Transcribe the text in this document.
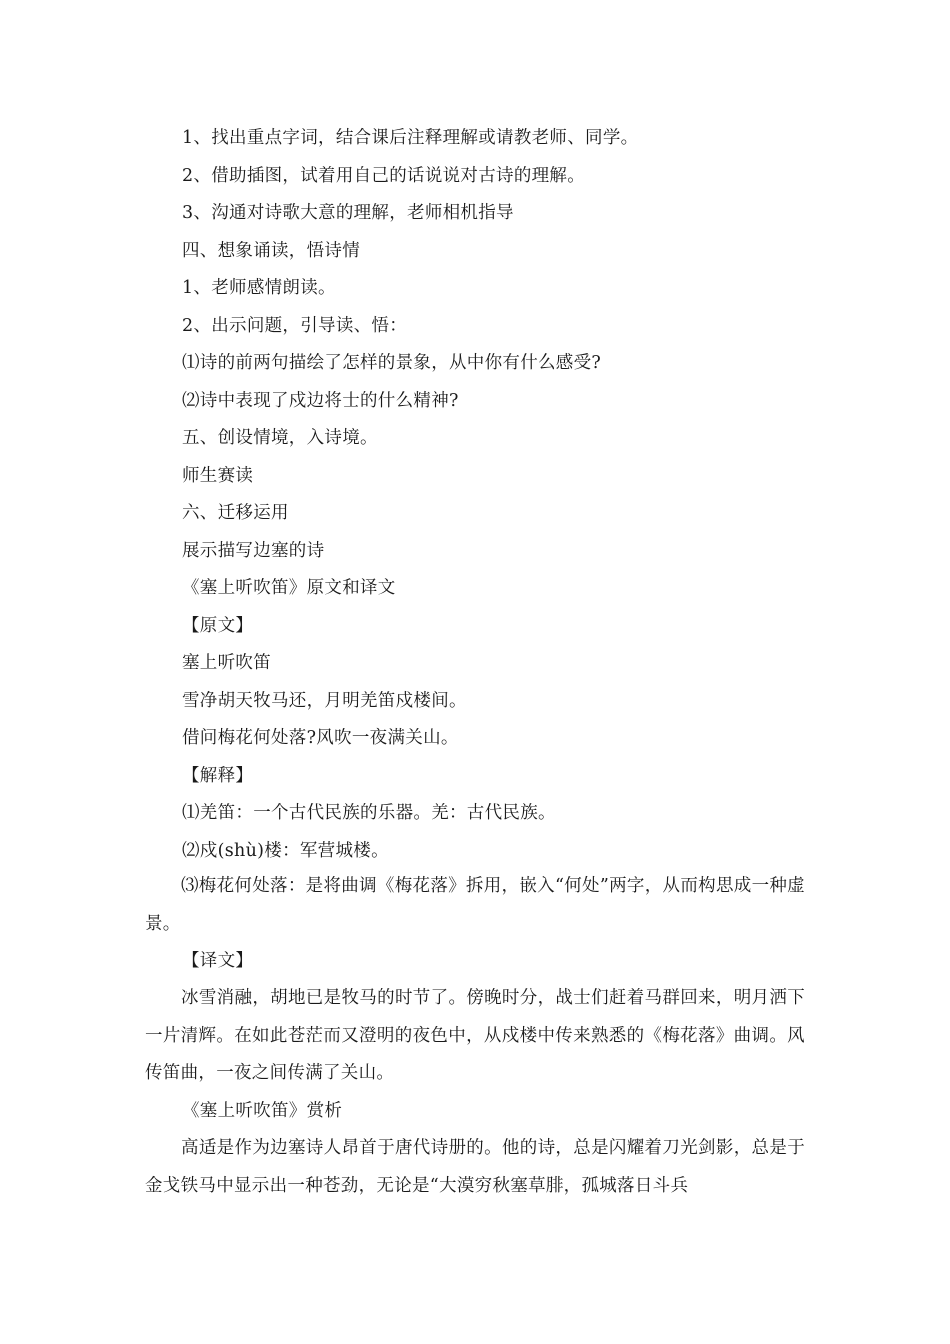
1、找出重点字词，结合课后注释理解或请教老师、同学。
2、借助插图，试着用自己的话说说对古诗的理解。
3、沟通对诗歌大意的理解，老师相机指导
四、想象诵读，悟诗情
1、老师感情朗读。
2、出示问题，引导读、悟：
⑴诗的前两句描绘了怎样的景象，从中你有什么感受?
⑵诗中表现了戍边将士的什么精神?
五、创设情境，入诗境。
师生赛读
六、迁移运用
展示描写边塞的诗
《塞上听吹笛》原文和译文
【原文】
塞上听吹笛
雪净胡天牧马还，月明羌笛戍楼间。
借问梅花何处落?风吹一夜满关山。
【解释】
⑴羌笛：一个古代民族的乐器。羌：古代民族。
⑵戍(shù)楼：军营城楼。
⑶梅花何处落：是将曲调《梅花落》拆用，嵌入“何处”两字，从而构思成一种虚景。
【译文】
冰雪消融，胡地已是牧马的时节了。傍晚时分，战士们赶着马群回来，明月洒下一片清辉。在如此苍茫而又澄明的夜色中，从戍楼中传来熟悉的《梅花落》曲调。风传笛曲，一夜之间传满了关山。
《塞上听吹笛》赏析
高适是作为边塞诗人昂首于唐代诗册的。他的诗，总是闪耀着刀光剑影，总是于金戈铁马中显示出一种苍劲，无论是“大漠穷秋塞草腓，孤城落日斗兵
